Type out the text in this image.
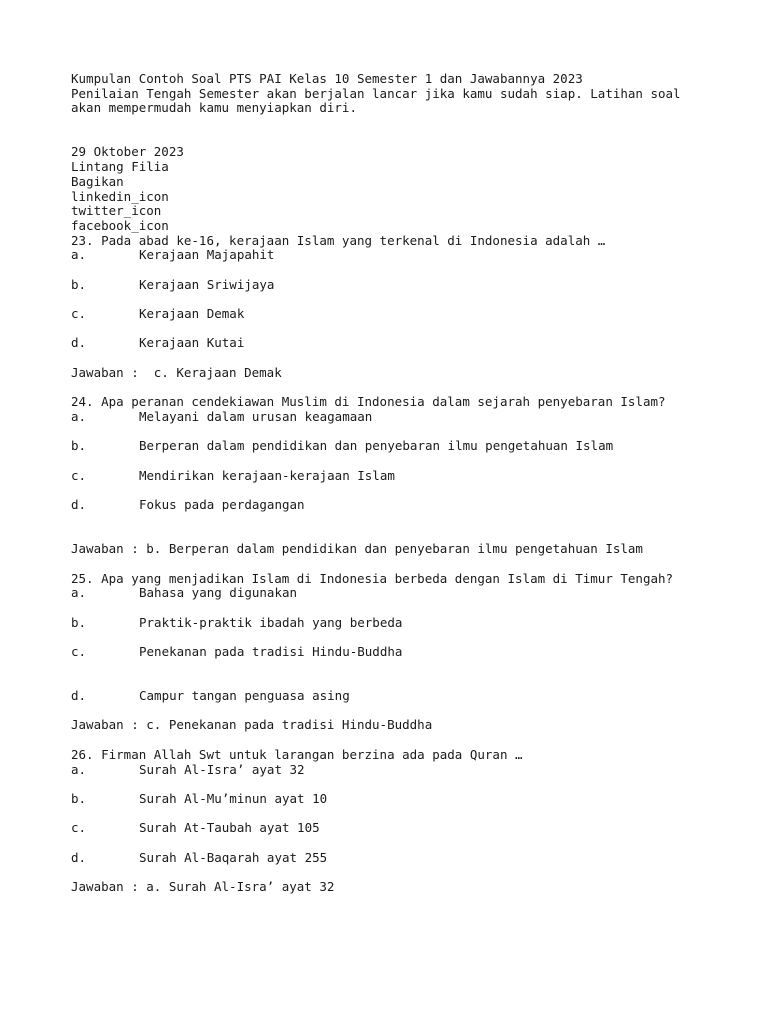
Kumpulan Contoh Soal PTS PAI Kelas 10 Semester 1 dan Jawabannya 2023
Penilaian Tengah Semester akan berjalan lancar jika kamu sudah siap. Latihan soal
akan mempermudah kamu menyiapkan diri.
29 Oktober 2023
Lintang Filia
Bagikan
linkedin_icon
twitter_icon
facebook_icon
23. Pada abad ke-16, kerajaan Islam yang terkenal di Indonesia adalah …
a.	Kerajaan Majapahit
b.	Kerajaan Sriwijaya
c.	Kerajaan Demak
d.	Kerajaan Kutai
Jawaban :  c. Kerajaan Demak
24. Apa peranan cendekiawan Muslim di Indonesia dalam sejarah penyebaran Islam?
a.	Melayani dalam urusan keagamaan
b.	Berperan dalam pendidikan dan penyebaran ilmu pengetahuan Islam
c.	Mendirikan kerajaan-kerajaan Islam
d.	Fokus pada perdagangan
Jawaban : b. Berperan dalam pendidikan dan penyebaran ilmu pengetahuan Islam
25. Apa yang menjadikan Islam di Indonesia berbeda dengan Islam di Timur Tengah?
a.	Bahasa yang digunakan
b.	Praktik-praktik ibadah yang berbeda
c.	Penekanan pada tradisi Hindu-Buddha
d.	Campur tangan penguasa asing
Jawaban : c. Penekanan pada tradisi Hindu-Buddha
26. Firman Allah Swt untuk larangan berzina ada pada Quran …
a.	Surah Al-Isra’ ayat 32
b.	Surah Al-Mu’minun ayat 10
c.	Surah At-Taubah ayat 105
d.	Surah Al-Baqarah ayat 255
Jawaban : a. Surah Al-Isra’ ayat 32
